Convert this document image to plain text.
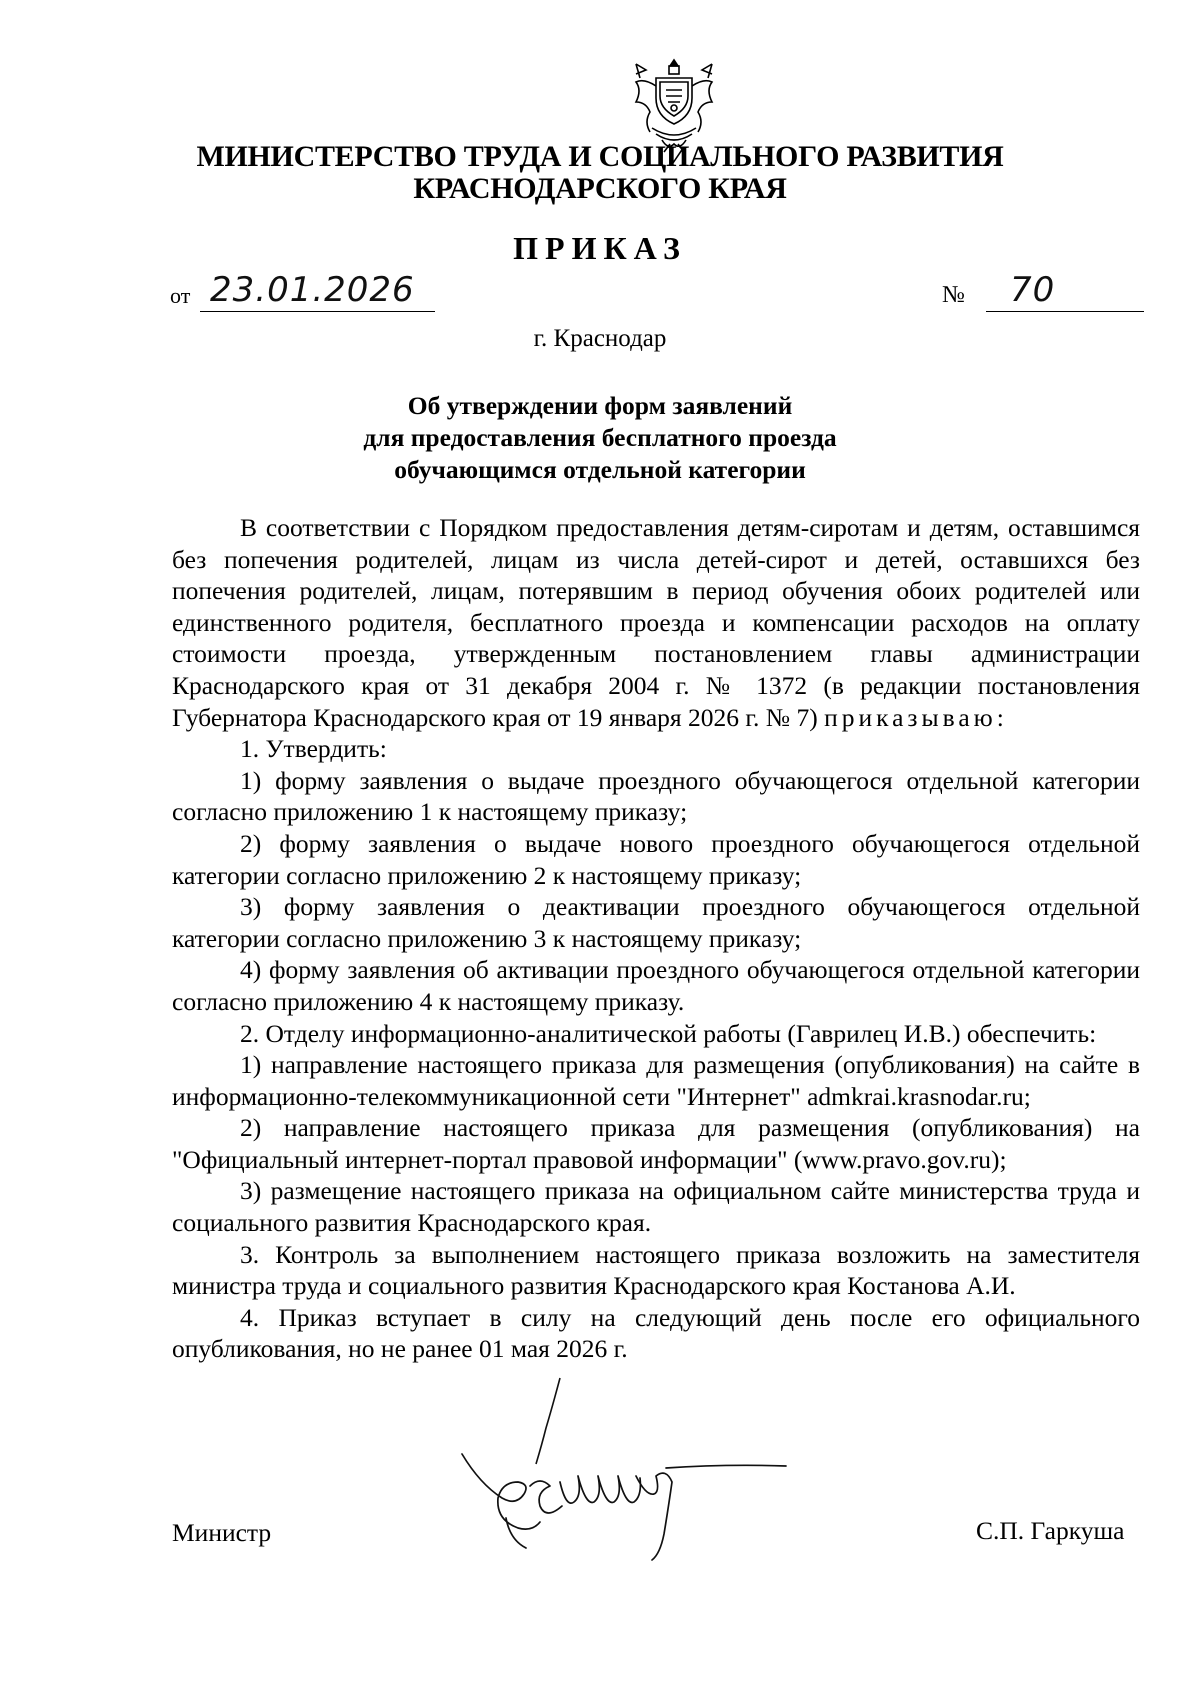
МИНИСТЕРСТВО ТРУДА И СОЦИАЛЬНОГО РАЗВИТИЯ
КРАСНОДАРСКОГО КРАЯ
ПРИКАЗ
от 23.01.2026	№ 70
г. Краснодар
Об утверждении форм заявлений
для предоставления бесплатного проезда
обучающимся отдельной категории

В соответствии с Порядком предоставления детям-сиротам и детям, оставшимся без попечения родителей, лицам из числа детей-сирот и детей, оставшихся без попечения родителей, лицам, потерявшим в период обучения обоих родителей или единственного родителя, бесплатного проезда и компенсации расходов на оплату стоимости проезда, утвержденным постановлением главы администрации Краснодарского края от 31 декабря 2004 г. № 1372 (в редакции постановления Губернатора Краснодарского края от 19 января 2026 г. № 7) приказываю:

1. Утвердить:

1) форму заявления о выдаче проездного обучающегося отдельной категории согласно приложению 1 к настоящему приказу;

2) форму заявления о выдаче нового проездного обучающегося отдельной категории согласно приложению 2 к настоящему приказу;

3) форму заявления о деактивации проездного обучающегося отдельной категории согласно приложению 3 к настоящему приказу;

4) форму заявления об активации проездного обучающегося отдельной категории согласно приложению 4 к настоящему приказу.

2. Отделу информационно-аналитической работы (Гаврилец И.В.) обеспечить:

1) направление настоящего приказа для размещения (опубликования) на сайте в информационно-телекоммуникационной сети "Интернет" admkrai.krasnodar.ru;

2) направление настоящего приказа для размещения (опубликования) на "Официальный интернет-портал правовой информации" (www.pravo.gov.ru);

3) размещение настоящего приказа на официальном сайте министерства труда и социального развития Краснодарского края.

3. Контроль за выполнением настоящего приказа возложить на заместителя министра труда и социального развития Краснодарского края Костанова А.И.

4. Приказ вступает в силу на следующий день после его официального опубликования, но не ранее 01 мая 2026 г.

Министр	С.П. Гаркуша
